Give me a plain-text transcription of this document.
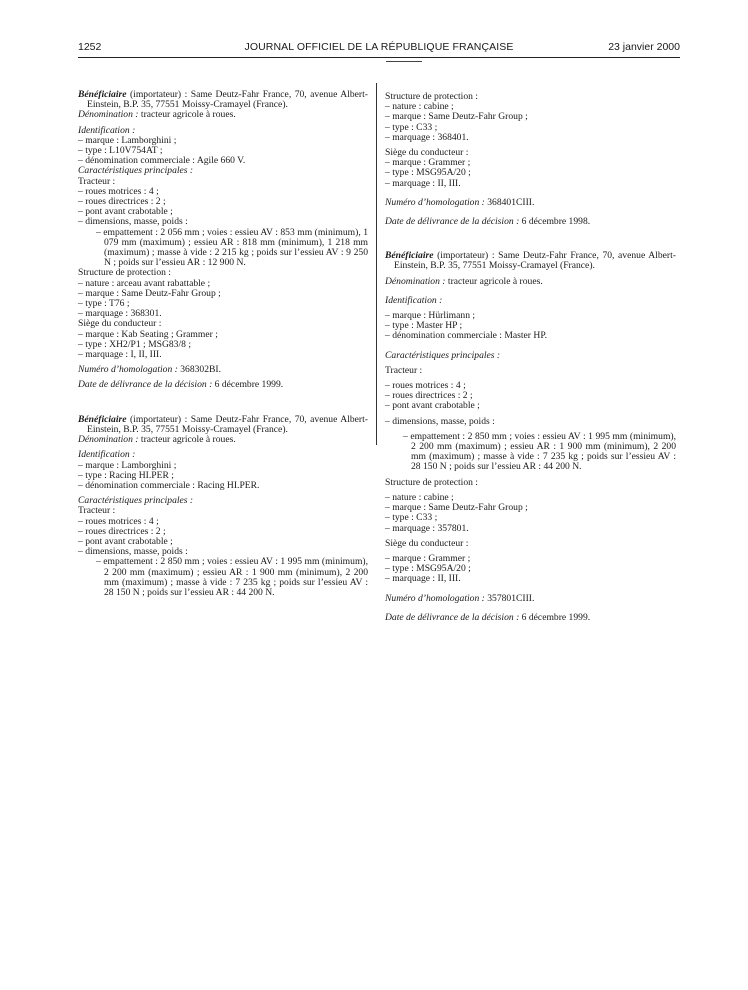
1252	JOURNAL OFFICIEL DE LA RÉPUBLIQUE FRANÇAISE	23 janvier 2000

Bénéficiaire (importateur) : Same Deutz-Fahr France, 70, avenue Albert-Einstein, B.P. 35, 77551 Moissy-Cramayel (France).

Dénomination : tracteur agricole à roues.

Identification :

– marque : Lamborghini ;

– type : L10V754AT ;

– dénomination commerciale : Agile 660 V.

Caractéristiques principales :

Tracteur :

– roues motrices : 4 ;

– roues directrices : 2 ;

– pont avant crabotable ;

– dimensions, masse, poids :

– empattement : 2 056 mm ; voies : essieu AV : 853 mm (minimum), 1 079 mm (maximum) ; essieu AR : 818 mm (minimum), 1 218 mm (maximum) ; masse à vide : 2 215 kg ; poids sur l’essieu AV : 9 250 N ; poids sur l’essieu AR : 12 900 N.

Structure de protection :

– nature : arceau avant rabattable ;

– marque : Same Deutz-Fahr Group ;

– type : T76 ;

– marquage : 368301.

Siège du conducteur :

– marque : Kab Seating ; Grammer ;

– type : XH2/P1 ; MSG83/8 ;

– marquage : I, II, III.

Numéro d’homologation : 368302BI.

Date de délivrance de la décision : 6 décembre 1999.

Bénéficiaire (importateur) : Same Deutz-Fahr France, 70, avenue Albert-Einstein, B.P. 35, 77551 Moissy-Cramayel (France).

Dénomination : tracteur agricole à roues.

Identification :

– marque : Lamborghini ;

– type : Racing HI.PER ;

– dénomination commerciale : Racing HI.PER.

Caractéristiques principales :

Tracteur :

– roues motrices : 4 ;

– roues directrices : 2 ;

– pont avant crabotable ;

– dimensions, masse, poids :

– empattement : 2 850 mm ; voies : essieu AV : 1 995 mm (minimum), 2 200 mm (maximum) ; essieu AR : 1 900 mm (minimum), 2 200 mm (maximum) ; masse à vide : 7 235 kg ; poids sur l’essieu AV : 28 150 N ; poids sur l’essieu AR : 44 200 N.

Structure de protection :

– nature : cabine ;

– marque : Same Deutz-Fahr Group ;

– type : C33 ;

– marquage : 368401.

Siège du conducteur :

– marque : Grammer ;

– type : MSG95A/20 ;

– marquage : II, III.

Numéro d’homologation : 368401CIII.

Date de délivrance de la décision : 6 décembre 1998.

Bénéficiaire (importateur) : Same Deutz-Fahr France, 70, avenue Albert-Einstein, B.P. 35, 77551 Moissy-Cramayel (France).

Dénomination : tracteur agricole à roues.

Identification :

– marque : Hürlimann ;

– type : Master HP ;

– dénomination commerciale : Master HP.

Caractéristiques principales :

Tracteur :

– roues motrices : 4 ;

– roues directrices : 2 ;

– pont avant crabotable ;

– dimensions, masse, poids :

– empattement : 2 850 mm ; voies : essieu AV : 1 995 mm (minimum), 2 200 mm (maximum) ; essieu AR : 1 900 mm (minimum), 2 200 mm (maximum) ; masse à vide : 7 235 kg ; poids sur l’essieu AV : 28 150 N ; poids sur l’essieu AR : 44 200 N.

Structure de protection :

– nature : cabine ;

– marque : Same Deutz-Fahr Group ;

– type : C33 ;

– marquage : 357801.

Siège du conducteur :

– marque : Grammer ;

– type : MSG95A/20 ;

– marquage : II, III.

Numéro d’homologation : 357801CIII.

Date de délivrance de la décision : 6 décembre 1999.
